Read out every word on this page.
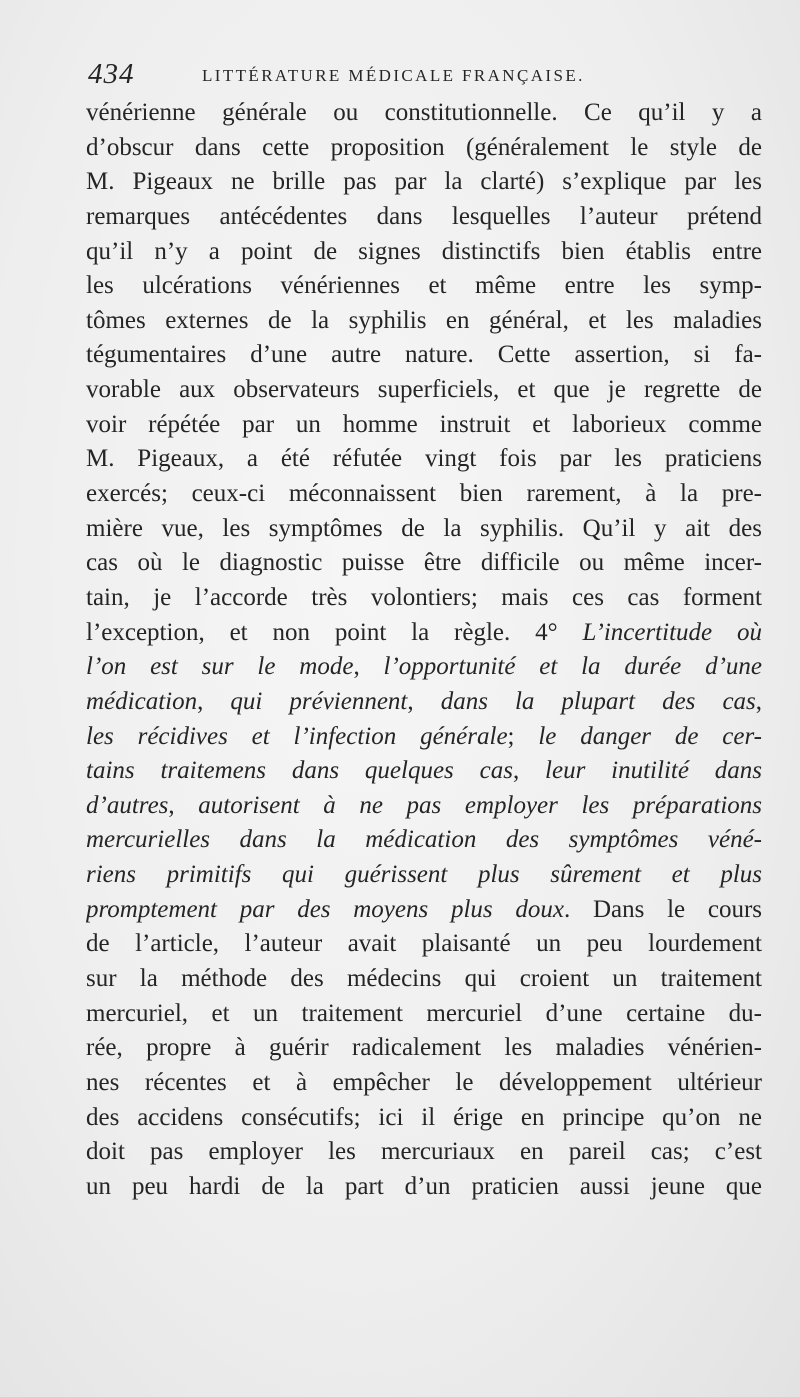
434	LITTÉRATURE MÉDICALE FRANÇAISE.
vénérienne générale ou constitutionnelle. Ce qu’il y a
d’obscur dans cette proposition (généralement le style de
M. Pigeaux ne brille pas par la clarté) s’explique par les
remarques antécédentes dans lesquelles l’auteur prétend
qu’il n’y a point de signes distinctifs bien établis entre
les ulcérations vénériennes et même entre les symp-
tômes externes de la syphilis en général, et les maladies
tégumentaires d’une autre nature. Cette assertion, si fa-
vorable aux observateurs superficiels, et que je regrette de
voir répétée par un homme instruit et laborieux comme
M. Pigeaux, a été réfutée vingt fois par les praticiens
exercés; ceux-ci méconnaissent bien rarement, à la pre-
mière vue, les symptômes de la syphilis. Qu’il y ait des
cas où le diagnostic puisse être difficile ou même incer-
tain, je l’accorde très volontiers; mais ces cas forment
l’exception, et non point la règle. 4° L’incertitude où
l’on est sur le mode, l’opportunité et la durée d’une
médication, qui préviennent, dans la plupart des cas,
les récidives et l’infection générale; le danger de cer-
tains traitemens dans quelques cas, leur inutilité dans
d’autres, autorisent à ne pas employer les préparations
mercurielles dans la médication des symptômes véné-
riens primitifs qui guérissent plus sûrement et plus
promptement par des moyens plus doux. Dans le cours
de l’article, l’auteur avait plaisanté un peu lourdement
sur la méthode des médecins qui croient un traitement
mercuriel, et un traitement mercuriel d’une certaine du-
rée, propre à guérir radicalement les maladies vénérien-
nes récentes et à empêcher le développement ultérieur
des accidens consécutifs; ici il érige en principe qu’on ne
doit pas employer les mercuriaux en pareil cas; c’est
un peu hardi de la part d’un praticien aussi jeune que
